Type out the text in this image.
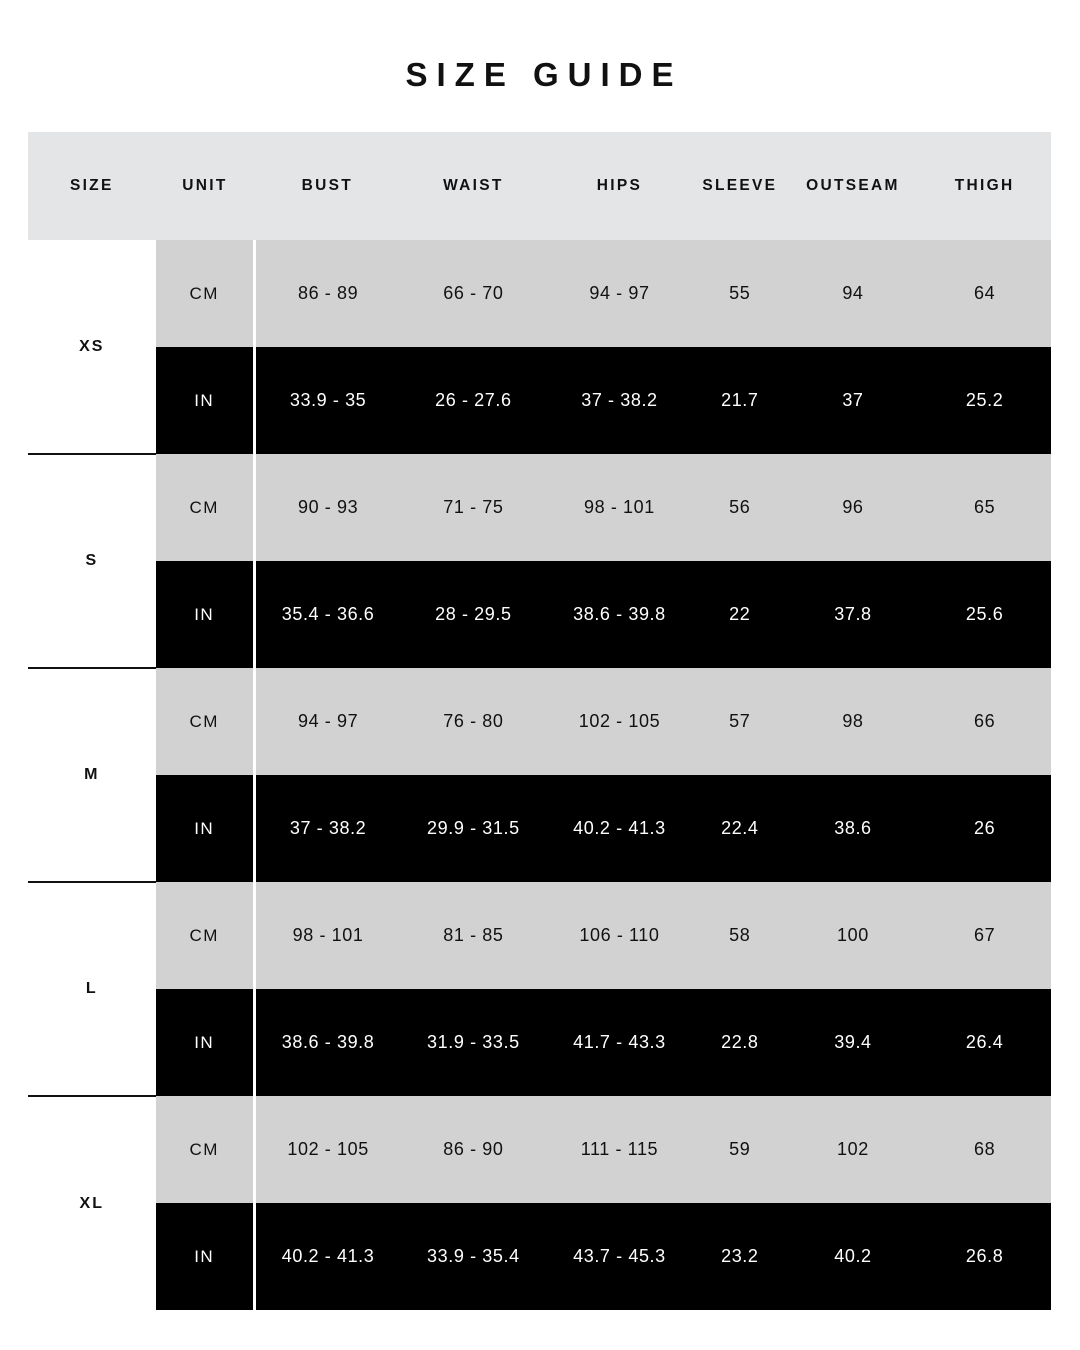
SIZE GUIDE
SIZE	UNIT	BUST	WAIST	HIPS	SLEEVE	OUTSEAM	THIGH
XS	CM	86 - 89	66 - 70	94 - 97	55	94	64
	IN	33.9 - 35	26 - 27.6	37 - 38.2	21.7	37	25.2
S	CM	90 - 93	71 - 75	98 - 101	56	96	65
	IN	35.4 - 36.6	28 - 29.5	38.6 - 39.8	22	37.8	25.6
M	CM	94 - 97	76 - 80	102 - 105	57	98	66
	IN	37 - 38.2	29.9 - 31.5	40.2 - 41.3	22.4	38.6	26
L	CM	98 - 101	81 - 85	106 - 110	58	100	67
	IN	38.6 - 39.8	31.9 - 33.5	41.7 - 43.3	22.8	39.4	26.4
XL	CM	102 - 105	86 - 90	111 - 115	59	102	68
	IN	40.2 - 41.3	33.9 - 35.4	43.7 - 45.3	23.2	40.2	26.8
